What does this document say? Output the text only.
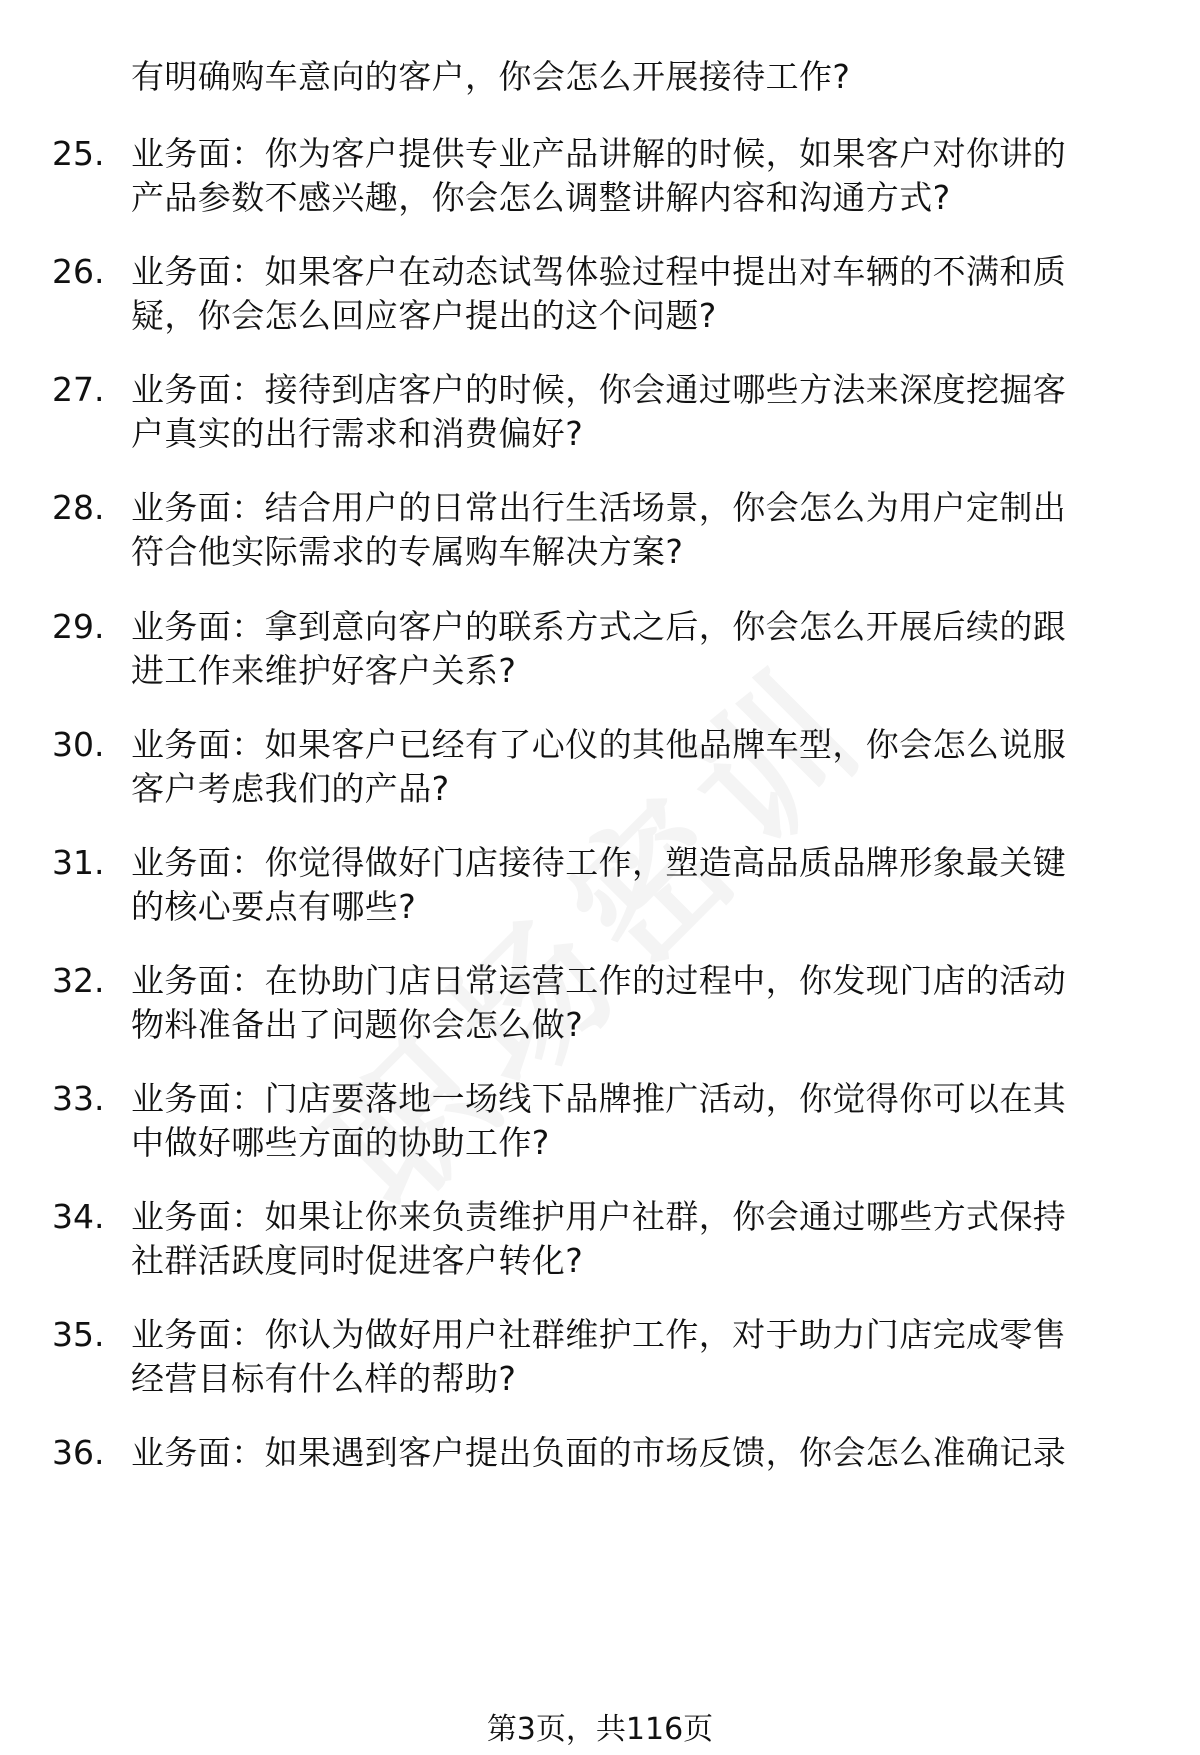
有明确购车意向的客户，你会怎么开展接待工作?
25. 业务面：你为客户提供专业产品讲解的时候，如果客户对你讲的
产品参数不感兴趣，你会怎么调整讲解内容和沟通方式?
26. 业务面：如果客户在动态试驾体验过程中提出对车辆的不满和质
疑，你会怎么回应客户提出的这个问题?
27. 业务面：接待到店客户的时候，你会通过哪些方法来深度挖掘客
户真实的出行需求和消费偏好?
28. 业务面：结合用户的日常出行生活场景，你会怎么为用户定制出
符合他实际需求的专属购车解决方案?
29. 业务面：拿到意向客户的联系方式之后，你会怎么开展后续的跟
进工作来维护好客户关系?
30. 业务面：如果客户已经有了心仪的其他品牌车型，你会怎么说服
客户考虑我们的产品?
31. 业务面：你觉得做好门店接待工作，塑造高品质品牌形象最关键
的核心要点有哪些?
32. 业务面：在协助门店日常运营工作的过程中，你发现门店的活动
物料准备出了问题你会怎么做?
33. 业务面：门店要落地一场线下品牌推广活动，你觉得你可以在其
中做好哪些方面的协助工作?
34. 业务面：如果让你来负责维护用户社群，你会通过哪些方式保持
社群活跃度同时促进客户转化?
35. 业务面：你认为做好用户社群维护工作，对于助力门店完成零售
经营目标有什么样的帮助?
36. 业务面：如果遇到客户提出负面的市场反馈，你会怎么准确记录
第3页，共116页
